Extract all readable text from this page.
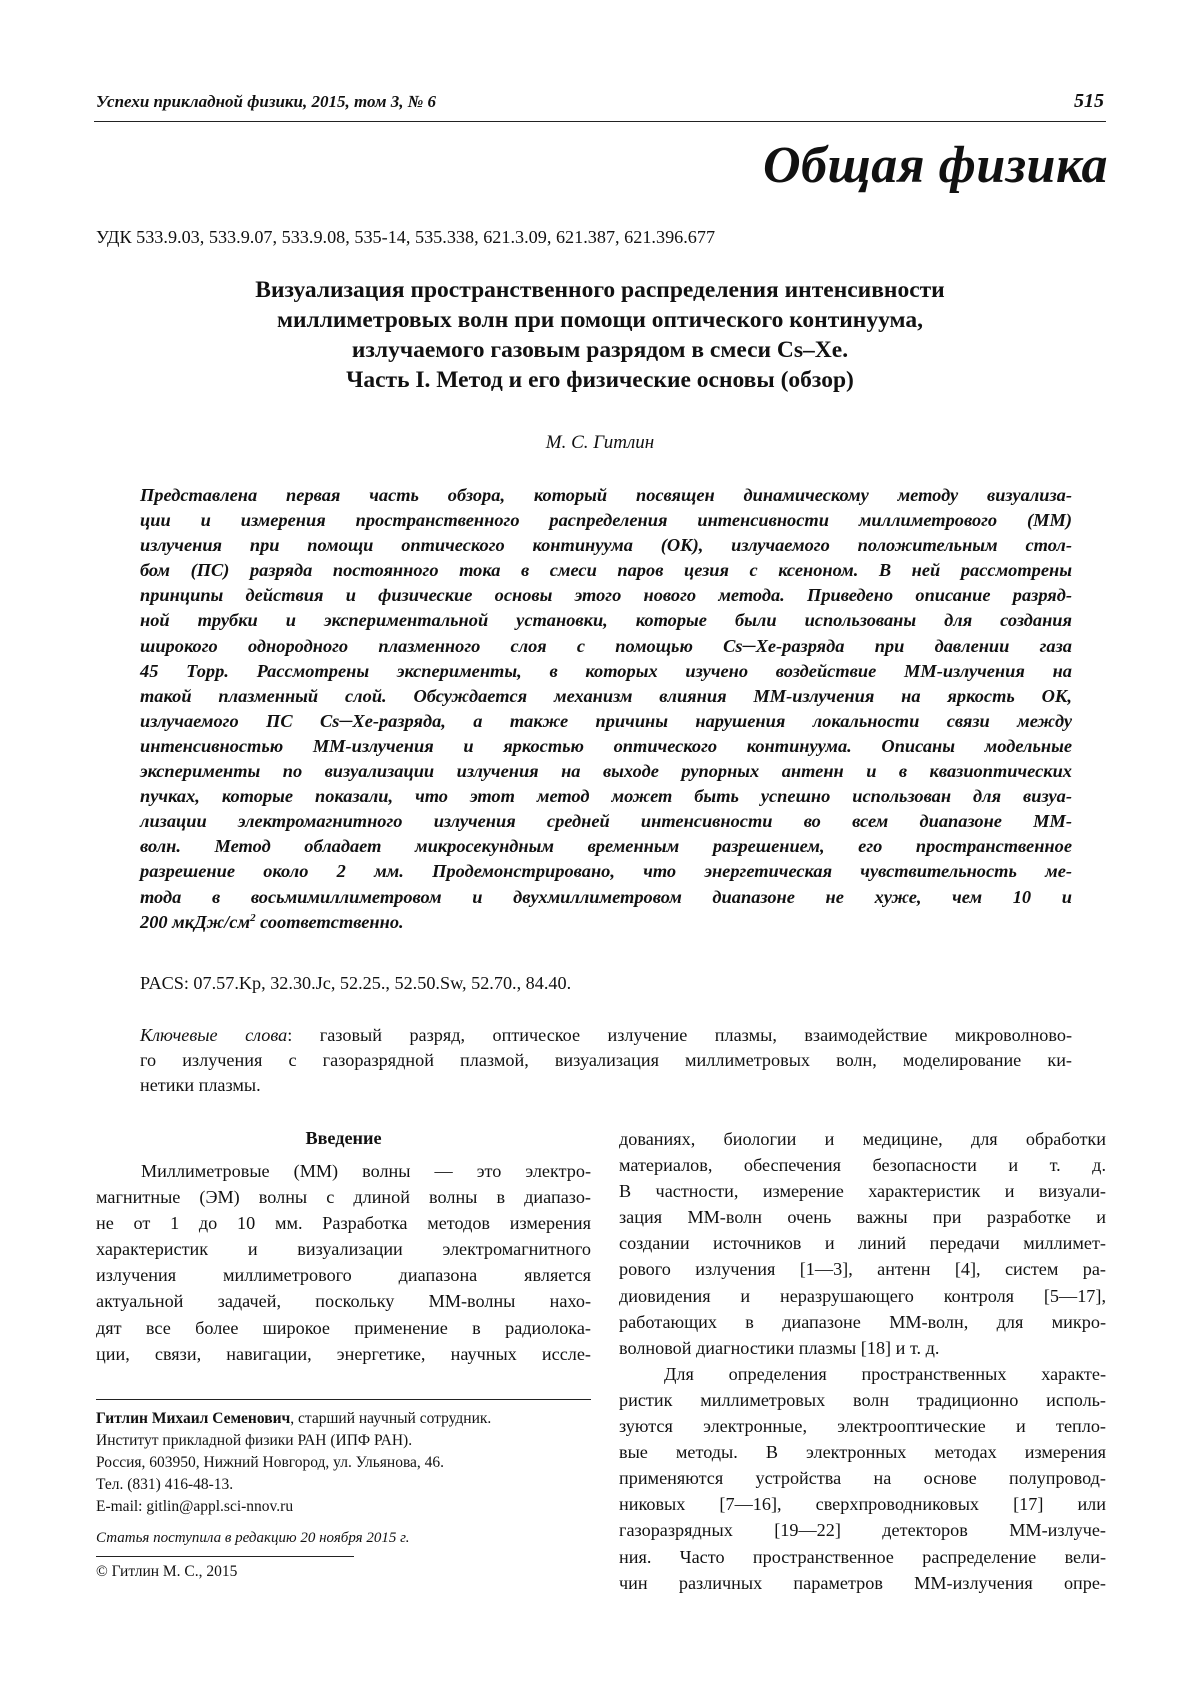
Успехи прикладной физики, 2015, том 3, № 6	515
Общая физика
УДК 533.9.03, 533.9.07, 533.9.08, 535-14, 535.338, 621.3.09, 621.387, 621.396.677
Визуализация пространственного распределения интенсивности
миллиметровых волн при помощи оптического континуума,
излучаемого газовым разрядом в смеси Cs–Xe.
Часть I. Метод и его физические основы (обзор)
М. С. Гитлин
Представлена первая часть обзора, который посвящен динамическому методу визуализа-
ции и измерения пространственного распределения интенсивности миллиметрового (ММ)
излучения при помощи оптического континуума (ОК), излучаемого положительным стол-
бом (ПС) разряда постоянного тока в смеси паров цезия с ксеноном. В ней рассмотрены
принципы действия и физические основы этого нового метода. Приведено описание разряд-
ной трубки и экспериментальной установки, которые были использованы для создания
широкого однородного плазменного слоя с помощью Cs─Xe-разряда при давлении газа
45 Торр. Рассмотрены эксперименты, в которых изучено воздействие ММ-излучения на
такой плазменный слой. Обсуждается механизм влияния ММ-излучения на яркость ОК,
излучаемого ПС Cs─Xe-разряда, а также причины нарушения локальности связи между
интенсивностью ММ-излучения и яркостью оптического континуума. Описаны модельные
эксперименты по визуализации излучения на выходе рупорных антенн и в квазиоптических
пучках, которые показали, что этот метод может быть успешно использован для визуа-
лизации электромагнитного излучения средней интенсивности во всем диапазоне ММ-
волн. Метод обладает микросекундным временным разрешением, его пространственное
разрешение около 2 мм. Продемонстрировано, что энергетическая чувствительность ме-
тода в восьмимиллиметровом и двухмиллиметровом диапазоне не хуже, чем 10 и
200 мкДж/$см^2$ соответственно.
PACS: 07.57.Kp, 32.30.Jc, 52.25., 52.50.Sw, 52.70., 84.40.
Ключевые слова: газовый разряд, оптическое излучение плазмы, взаимодействие микроволново-
го излучения с газоразрядной плазмой, визуализация миллиметровых волн, моделирование ки-
нетики плазмы.
Введение
Миллиметровые (ММ) волны — это электро-
магнитные (ЭМ) волны с длиной волны в диапазо-
не от 1 до 10 мм. Разработка методов измерения
характеристик и визуализации электромагнитного
излучения миллиметрового диапазона является
актуальной задачей, поскольку ММ-волны нахо-
дят все более широкое применение в радиолока-
ции, связи, навигации, энергетике, научных иссле-
Гитлин Михаил Семенович, старший научный сотрудник.
Институт прикладной физики РАН (ИПФ РАН).
Россия, 603950, Нижний Новгород, ул. Ульянова, 46.
Тел. (831) 416-48-13.
E-mail: gitlin@appl.sci-nnov.ru
Статья поступила в редакцию 20 ноября 2015 г.
© Гитлин М. С., 2015
дованиях, биологии и медицине, для обработки
материалов, обеспечения безопасности и т. д.
В частности, измерение характеристик и визуали-
зация ММ-волн очень важны при разработке и
создании источников и линий передачи миллимет-
рового излучения [1—3], антенн [4], систем ра-
диовидения и неразрушающего контроля [5—17],
работающих в диапазоне ММ-волн, для микро-
волновой диагностики плазмы [18] и т. д.
Для определения пространственных характе-
ристик миллиметровых волн традиционно исполь-
зуются электронные, электрооптические и тепло-
вые методы. В электронных методах измерения
применяются устройства на основе полупровод-
никовых [7—16], сверхпроводниковых [17] или
газоразрядных [19—22] детекторов ММ-излуче-
ния. Часто пространственное распределение вели-
чин различных параметров ММ-излучения опре-
